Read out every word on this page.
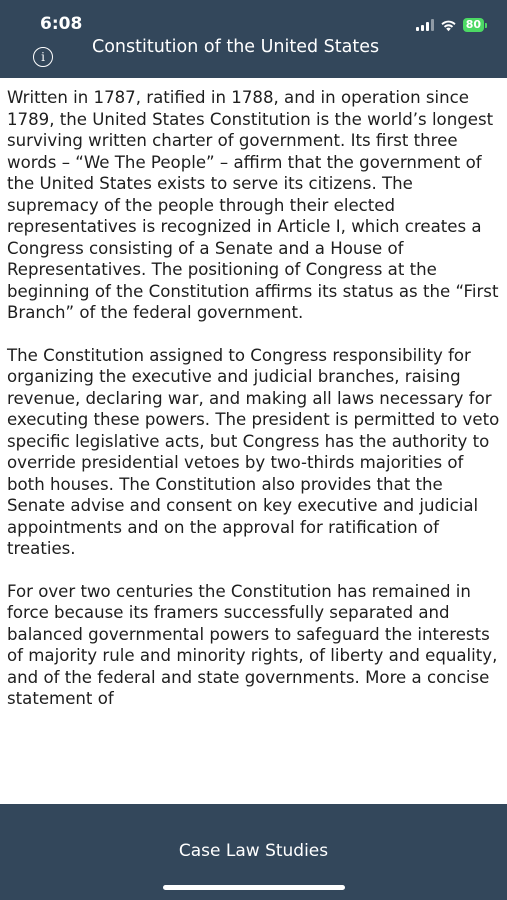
6:08	80
i	Constitution of the United States

Written in 1787, ratified in 1788, and in operation since 1789, the United States Constitution is the world’s longest surviving written charter of government. Its first three words – “We The People” – affirm that the government of the United States exists to serve its citizens. The supremacy of the people through their elected representatives is recognized in Article I, which creates a Congress consisting of a Senate and a House of Representatives. The positioning of Congress at the beginning of the Constitution affirms its status as the “First Branch” of the federal government.

The Constitution assigned to Congress responsibility for organizing the executive and judicial branches, raising revenue, declaring war, and making all laws necessary for executing these powers. The president is permitted to veto specific legislative acts, but Congress has the authority to override presidential vetoes by two-thirds majorities of both houses. The Constitution also provides that the Senate advise and consent on key executive and judicial appointments and on the approval for ratification of treaties.

For over two centuries the Constitution has remained in force because its framers successfully separated and balanced governmental powers to safeguard the interests of majority rule and minority rights, of liberty and equality, and of the federal and state governments. More a concise statement of

Case Law Studies
